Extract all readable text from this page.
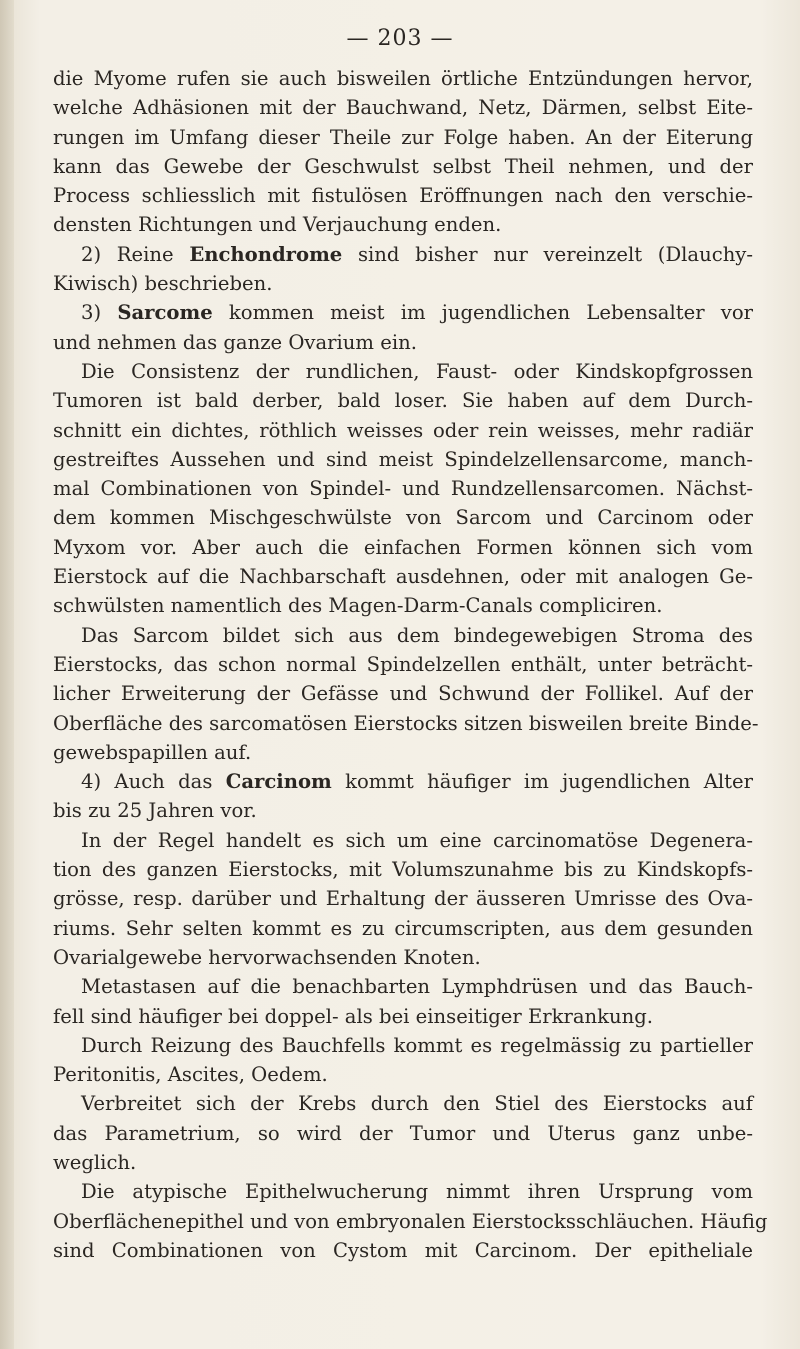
— 203 —
die Myome rufen sie auch bisweilen örtliche Entzündungen hervor,
welche Adhäsionen mit der Bauchwand, Netz, Därmen, selbst Eite-
rungen im Umfang dieser Theile zur Folge haben. An der Eiterung
kann das Gewebe der Geschwulst selbst Theil nehmen, und der
Process schliesslich mit fistulösen Eröffnungen nach den verschie-
densten Richtungen und Verjauchung enden.
2) Reine Enchondrome sind bisher nur vereinzelt (Dlauchy-
Kiwisch) beschrieben.
3) Sarcome kommen meist im jugendlichen Lebensalter vor
und nehmen das ganze Ovarium ein.
Die Consistenz der rundlichen, Faust- oder Kindskopfgrossen
Tumoren ist bald derber, bald loser. Sie haben auf dem Durch-
schnitt ein dichtes, röthlich weisses oder rein weisses, mehr radiär
gestreiftes Aussehen und sind meist Spindelzellensarcome, manch-
mal Combinationen von Spindel- und Rundzellensarcomen. Nächst-
dem kommen Mischgeschwülste von Sarcom und Carcinom oder
Myxom vor. Aber auch die einfachen Formen können sich vom
Eierstock auf die Nachbarschaft ausdehnen, oder mit analogen Ge-
schwülsten namentlich des Magen-Darm-Canals compliciren.
Das Sarcom bildet sich aus dem bindegewebigen Stroma des
Eierstocks, das schon normal Spindelzellen enthält, unter beträcht-
licher Erweiterung der Gefässe und Schwund der Follikel. Auf der
Oberfläche des sarcomatösen Eierstocks sitzen bisweilen breite Binde-
gewebspapillen auf.
4) Auch das Carcinom kommt häufiger im jugendlichen Alter
bis zu 25 Jahren vor.
In der Regel handelt es sich um eine carcinomatöse Degenera-
tion des ganzen Eierstocks, mit Volumszunahme bis zu Kindskopfs-
grösse, resp. darüber und Erhaltung der äusseren Umrisse des Ova-
riums. Sehr selten kommt es zu circumscripten, aus dem gesunden
Ovarialgewebe hervorwachsenden Knoten.
Metastasen auf die benachbarten Lymphdrüsen und das Bauch-
fell sind häufiger bei doppel- als bei einseitiger Erkrankung.
Durch Reizung des Bauchfells kommt es regelmässig zu partieller
Peritonitis, Ascites, Oedem.
Verbreitet sich der Krebs durch den Stiel des Eierstocks auf
das Parametrium, so wird der Tumor und Uterus ganz unbe-
weglich.
Die atypische Epithelwucherung nimmt ihren Ursprung vom
Oberflächenepithel und von embryonalen Eierstocksschläuchen. Häufig
sind Combinationen von Cystom mit Carcinom. Der epitheliale
